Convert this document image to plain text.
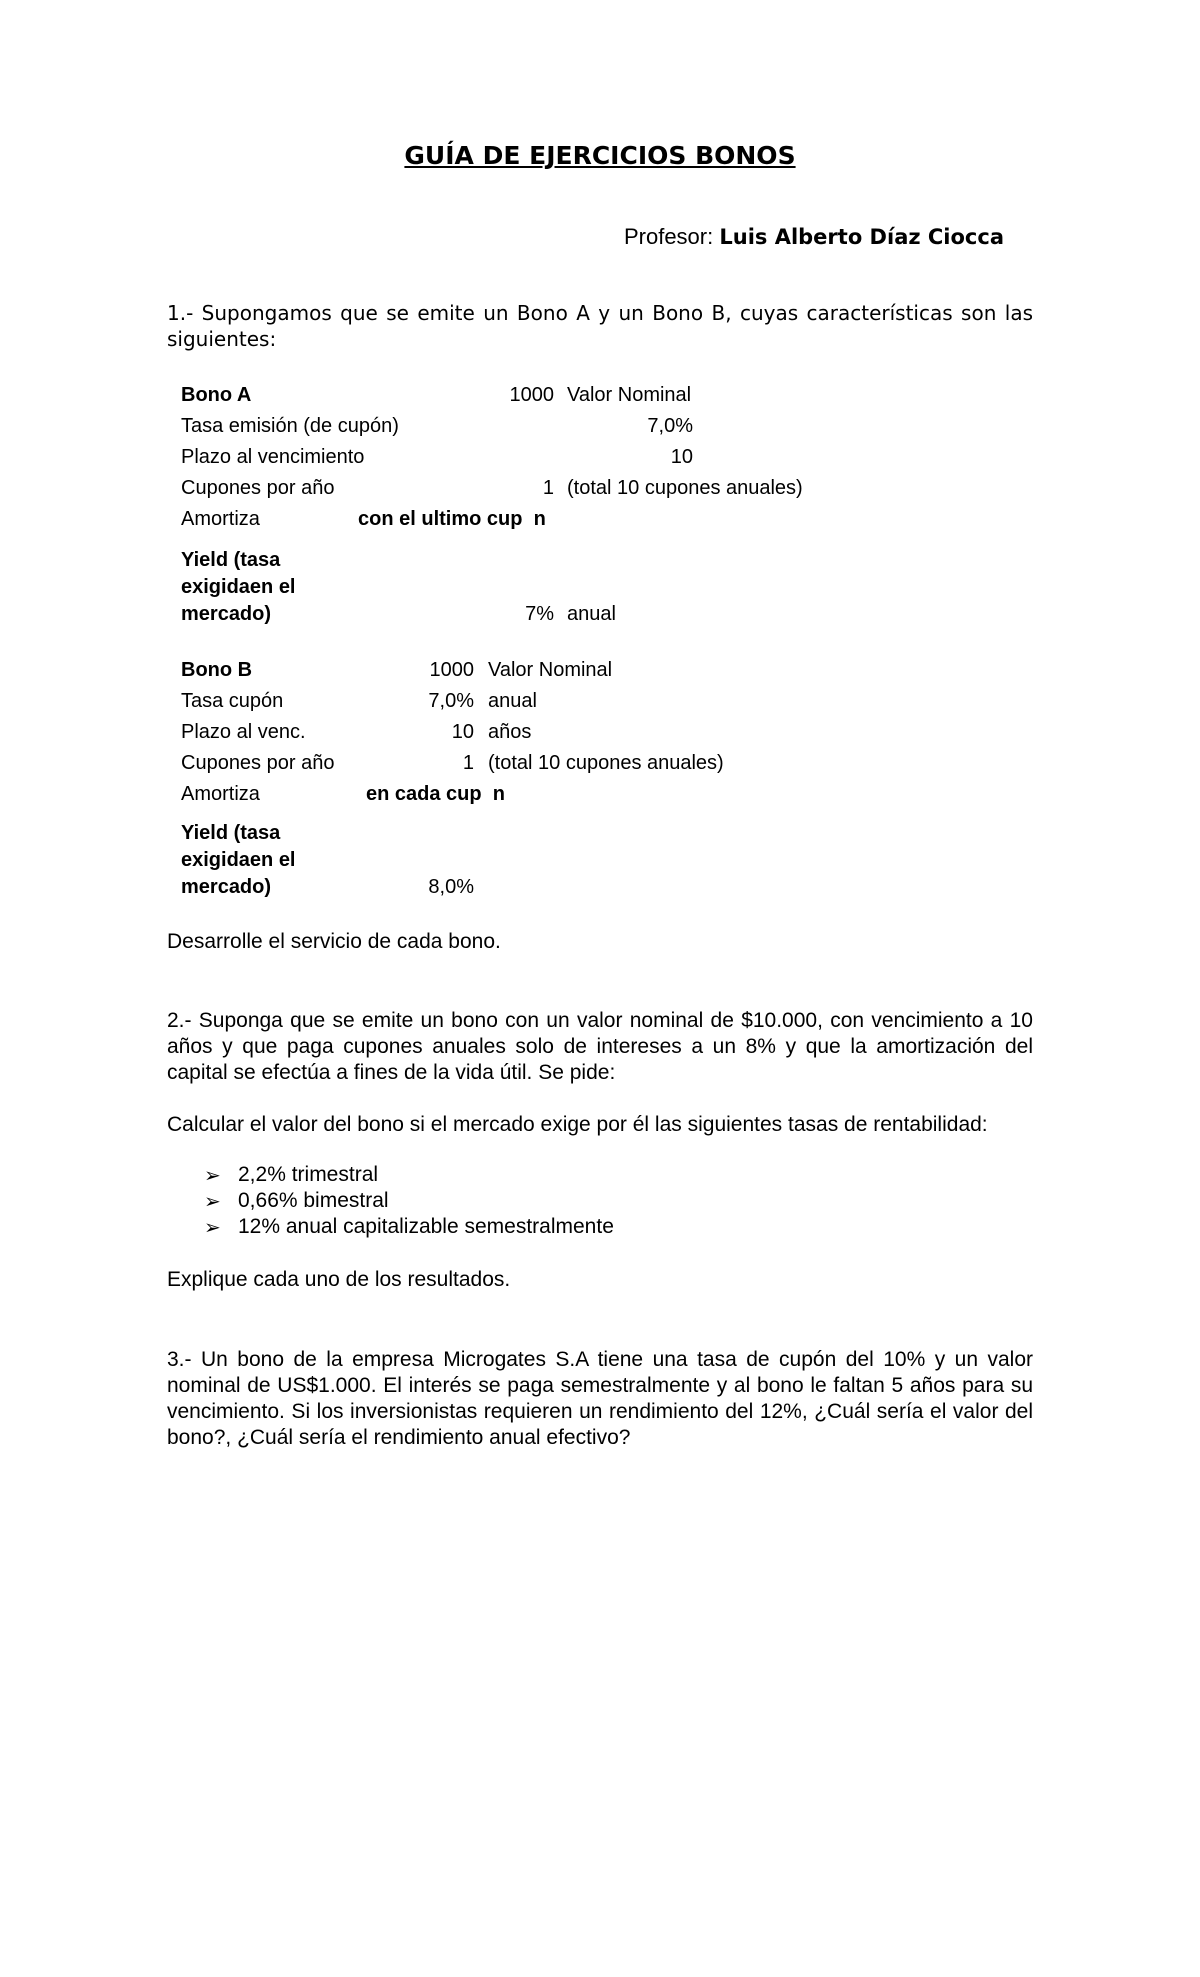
GUÍA DE EJERCICIOS BONOS
Profesor: Luis Alberto Díaz Ciocca
1.- Supongamos que se emite un Bono A y un Bono B, cuyas características son las siguientes:
Bono A	1000 Valor Nominal
Tasa emisión (de cupón)	7,0%
Plazo al vencimiento	10
Cupones por año	1 (total 10 cupones anuales)
Amortiza	con el ultimo cup  n
Yield (tasa
exigidaen el
mercado)	7% anual
Bono B	1000 Valor Nominal
Tasa cupón	7,0% anual
Plazo al venc.	10 años
Cupones por año	1 (total 10 cupones anuales)
Amortiza	en cada cup  n
Yield (tasa
exigidaen el
mercado)	8,0%
Desarrolle el servicio de cada bono.
2.- Suponga que se emite un bono con un valor nominal de $10.000, con vencimiento a 10 años y que paga cupones anuales solo de intereses a un 8% y que la amortización del capital se efectúa a fines de la vida útil. Se pide:
Calcular el valor del bono si el mercado exige por él las siguientes tasas de rentabilidad:
➢ 2,2% trimestral
➢ 0,66% bimestral
➢ 12% anual capitalizable semestralmente
Explique cada uno de los resultados.
3.- Un bono de la empresa Microgates S.A tiene una tasa de cupón del 10% y un valor nominal de US$1.000. El interés se paga semestralmente y al bono le faltan 5 años para su vencimiento. Si los inversionistas requieren un rendimiento del 12%, ¿Cuál sería el valor del bono?, ¿Cuál sería el rendimiento anual efectivo?
